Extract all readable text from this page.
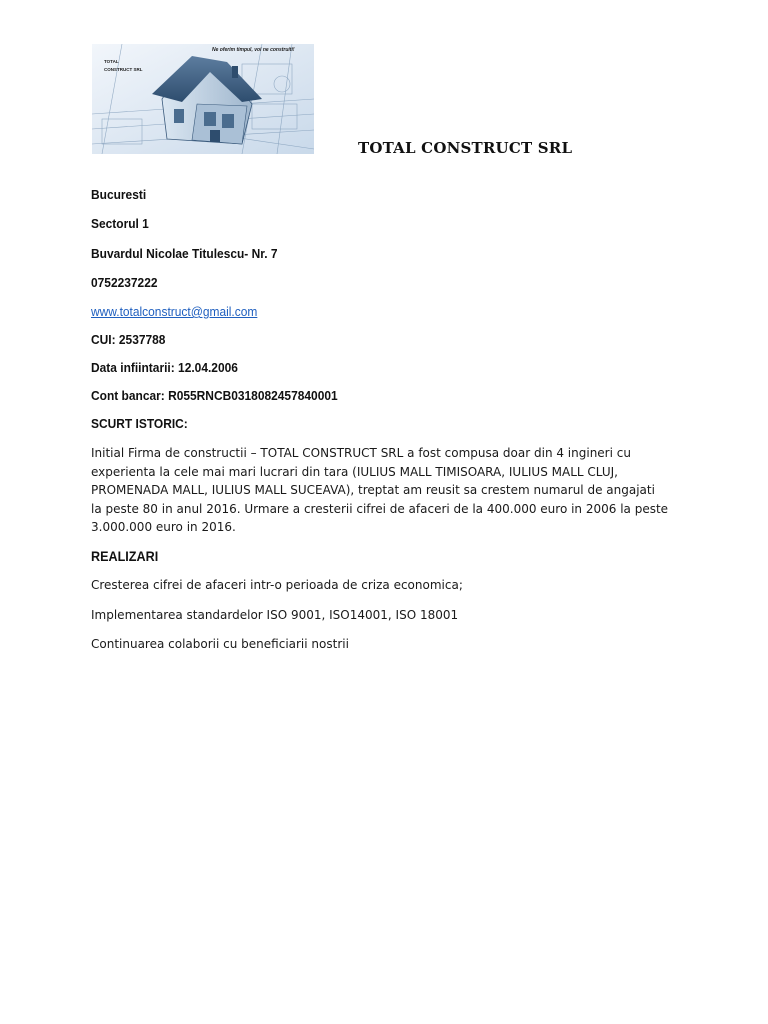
Ne oferim timpul, voi ne construiti!
TOTAL
CONSTRUCT SRL
TOTAL CONSTRUCT SRL
Bucuresti
Sectorul 1
Buvardul Nicolae Titulescu- Nr. 7
0752237222
www.totalconstruct@gmail.com
CUI: 2537788
Data infiintarii: 12.04.2006
Cont bancar: R055RNCB0318082457840001
SCURT ISTORIC:
Initial Firma de constructii – TOTAL CONSTRUCT SRL a fost compusa doar din 4 ingineri cu
experienta la cele mai mari lucrari din tara (IULIUS MALL TIMISOARA, IULIUS MALL CLUJ,
PROMENADA MALL, IULIUS MALL SUCEAVA), treptat am reusit sa crestem numarul de angajati
la peste 80 in anul 2016. Urmare a cresterii cifrei de afaceri de la 400.000 euro in 2006 la peste
3.000.000 euro in 2016.
REALIZARI
Cresterea cifrei de afaceri intr-o perioada de criza economica;
Implementarea standardelor ISO 9001, ISO14001, ISO 18001
Continuarea colaborii cu beneficiarii nostrii
